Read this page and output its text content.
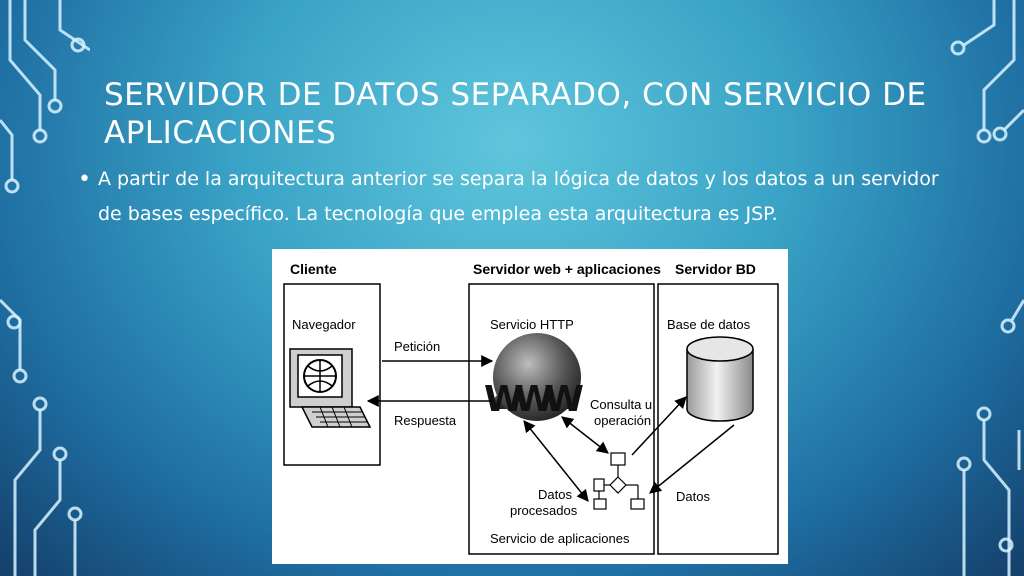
SERVIDOR DE DATOS SEPARADO, CON SERVICIO DE APLICACIONES
• A partir de la arquitectura anterior se separa la lógica de datos y los datos a un servidor de bases específico. La tecnología que emplea esta arquitectura es JSP.
Cliente	Servidor web + aplicaciones Servidor BD
Navegador	Servicio HTTP	Base de datos
WWW
Petición
Respuesta
Consulta u
operación
Datos
procesados
Datos
Servicio de aplicaciones
